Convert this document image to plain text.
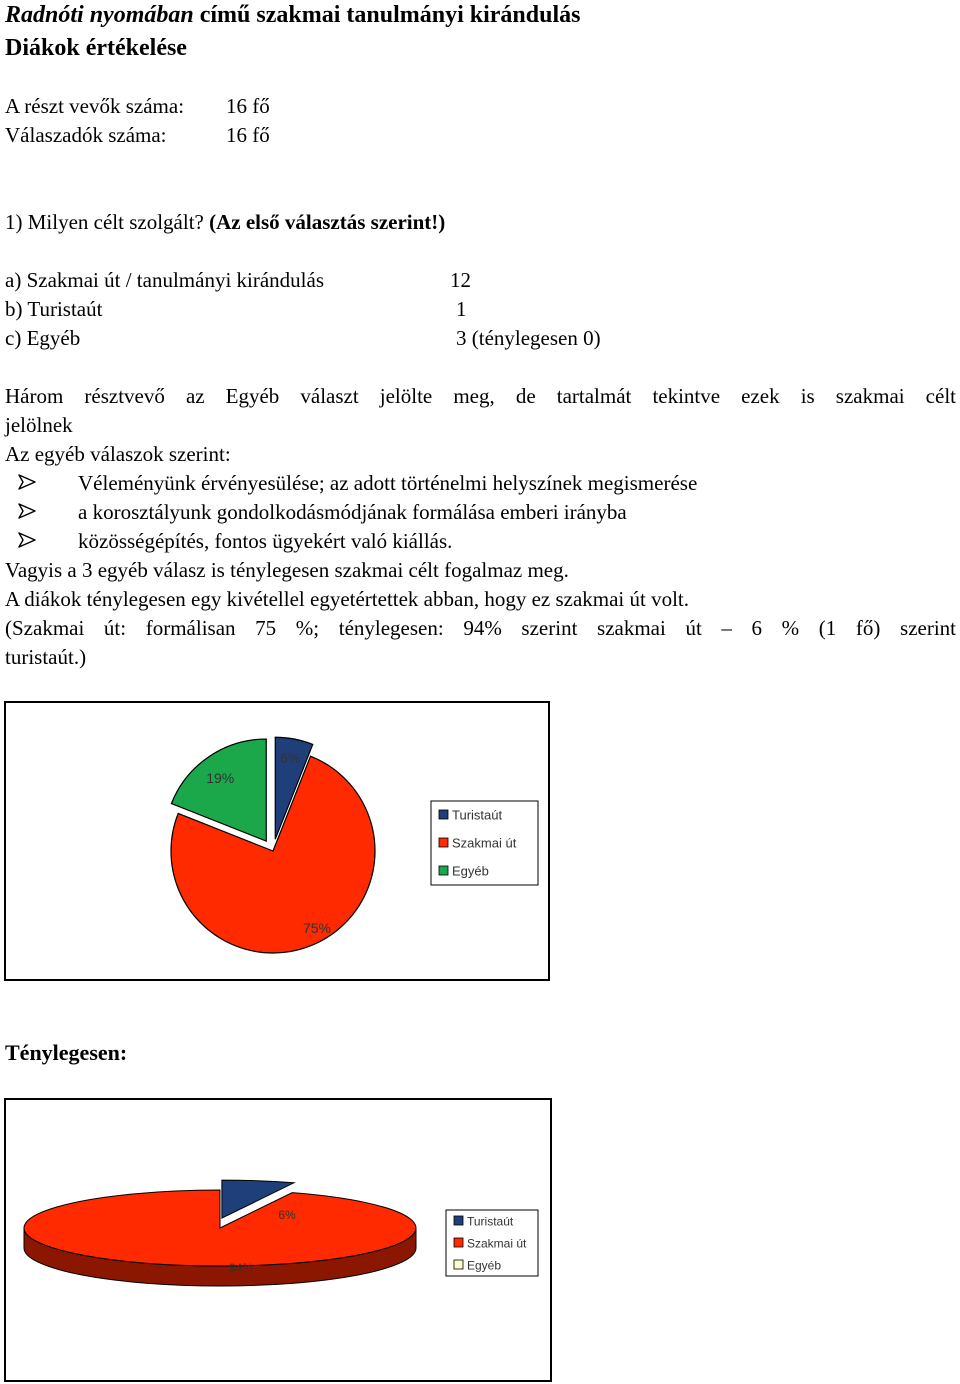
Radnóti nyomában című szakmai tanulmányi kirándulás
Diákok értékelése
A részt vevők száma: 16 fő
Válaszadók száma:	16 fő
1) Milyen célt szolgált? (Az első választás szerint!)
a) Szakmai út / tanulmányi kirándulás	12
b) Turistaút	1
c) Egyéb	3 (ténylegesen 0)
Három résztvevő az Egyéb választ jelölte meg, de tartalmát tekintve ezek is szakmai célt
jelölnek
Az egyéb válaszok szerint:
Véleményünk érvényesülése; az adott történelmi helyszínek megismerése
a korosztályunk gondolkodásmódjának formálása emberi irányba
közösségépítés, fontos ügyekért való kiállás.
Vagyis a 3 egyéb válasz is ténylegesen szakmai célt fogalmaz meg.
A diákok ténylegesen egy kivétellel egyetértettek abban, hogy ez szakmai út volt.
(Szakmai út: formálisan 75 %; ténylegesen: 94% szerint szakmai út – 6 % (1 fő) szerint
turistaút.)
6%
75%
19%
Turistaút
Szakmai út
Egyéb
Ténylegesen:
6%
94%
Turistaút
Szakmai út
Egyéb
